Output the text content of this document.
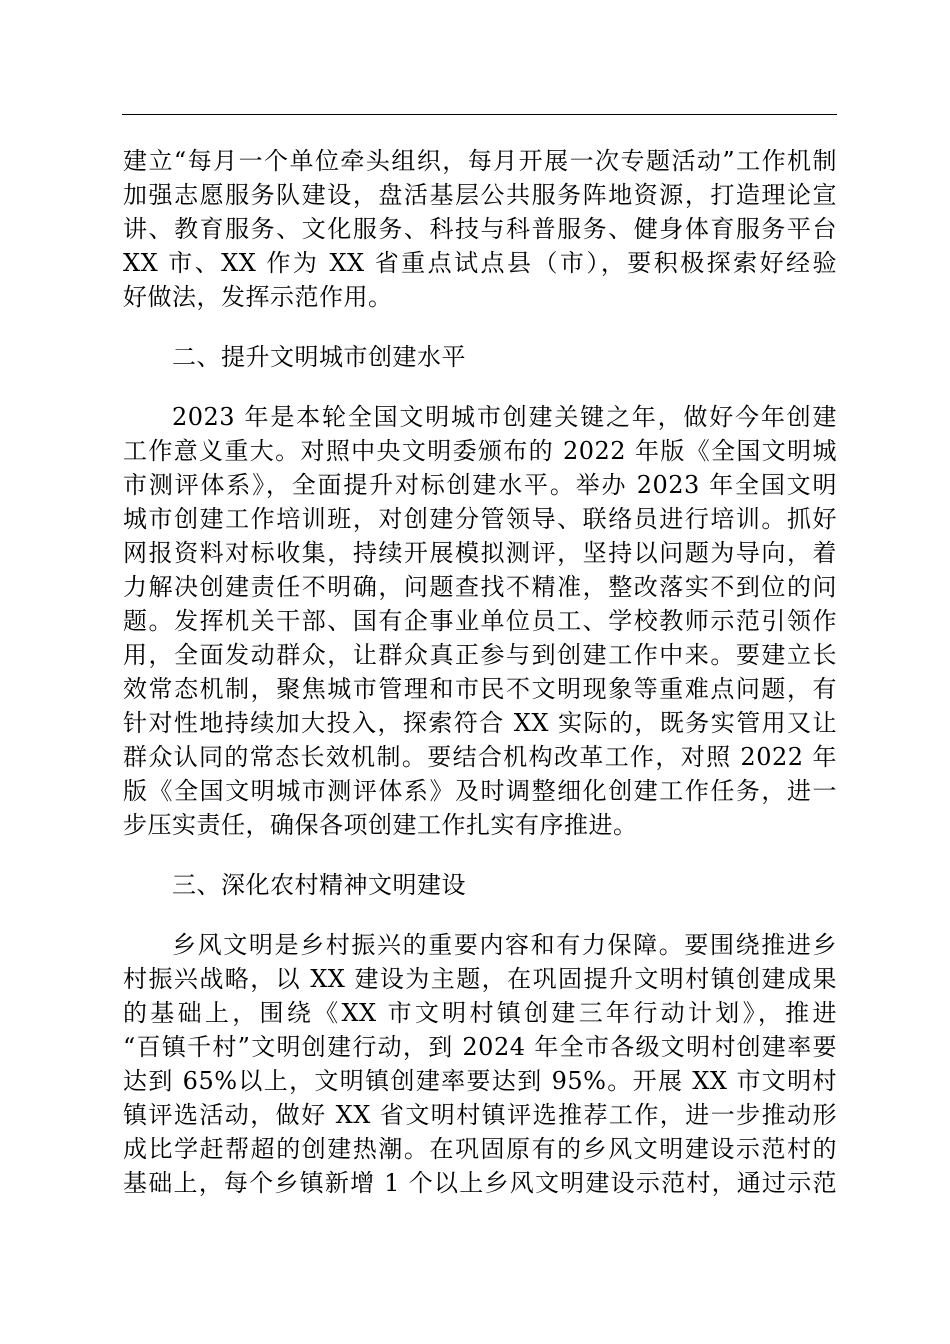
建立“每月一个单位牵头组织，每月开展一次专题活动”工作机制
加强志愿服务队建设，盘活基层公共服务阵地资源，打造理论宣
讲、教育服务、文化服务、科技与科普服务、健身体育服务平台
XX 市、XX 作为 XX 省重点试点县（市），要积极探索好经验
好做法，发挥示范作用。
二、提升文明城市创建水平
2023 年是本轮全国文明城市创建关键之年，做好今年创建
工作意义重大。对照中央文明委颁布的 2022 年版《全国文明城
市测评体系》，全面提升对标创建水平。举办 2023 年全国文明
城市创建工作培训班，对创建分管领导、联络员进行培训。抓好
网报资料对标收集，持续开展模拟测评，坚持以问题为导向，着
力解决创建责任不明确，问题查找不精准，整改落实不到位的问
题。发挥机关干部、国有企事业单位员工、学校教师示范引领作
用，全面发动群众，让群众真正参与到创建工作中来。要建立长
效常态机制，聚焦城市管理和市民不文明现象等重难点问题，有
针对性地持续加大投入，探索符合 XX 实际的，既务实管用又让
群众认同的常态长效机制。要结合机构改革工作，对照 2022 年
版《全国文明城市测评体系》及时调整细化创建工作任务，进一
步压实责任，确保各项创建工作扎实有序推进。
三、深化农村精神文明建设
乡风文明是乡村振兴的重要内容和有力保障。要围绕推进乡
村振兴战略，以 XX 建设为主题，在巩固提升文明村镇创建成果
的基础上，围绕《XX 市文明村镇创建三年行动计划》，推进
“百镇千村”文明创建行动，到 2024 年全市各级文明村创建率要
达到 65%以上，文明镇创建率要达到 95%。开展 XX 市文明村
镇评选活动，做好 XX 省文明村镇评选推荐工作，进一步推动形
成比学赶帮超的创建热潮。在巩固原有的乡风文明建设示范村的
基础上，每个乡镇新增 1 个以上乡风文明建设示范村，通过示范
